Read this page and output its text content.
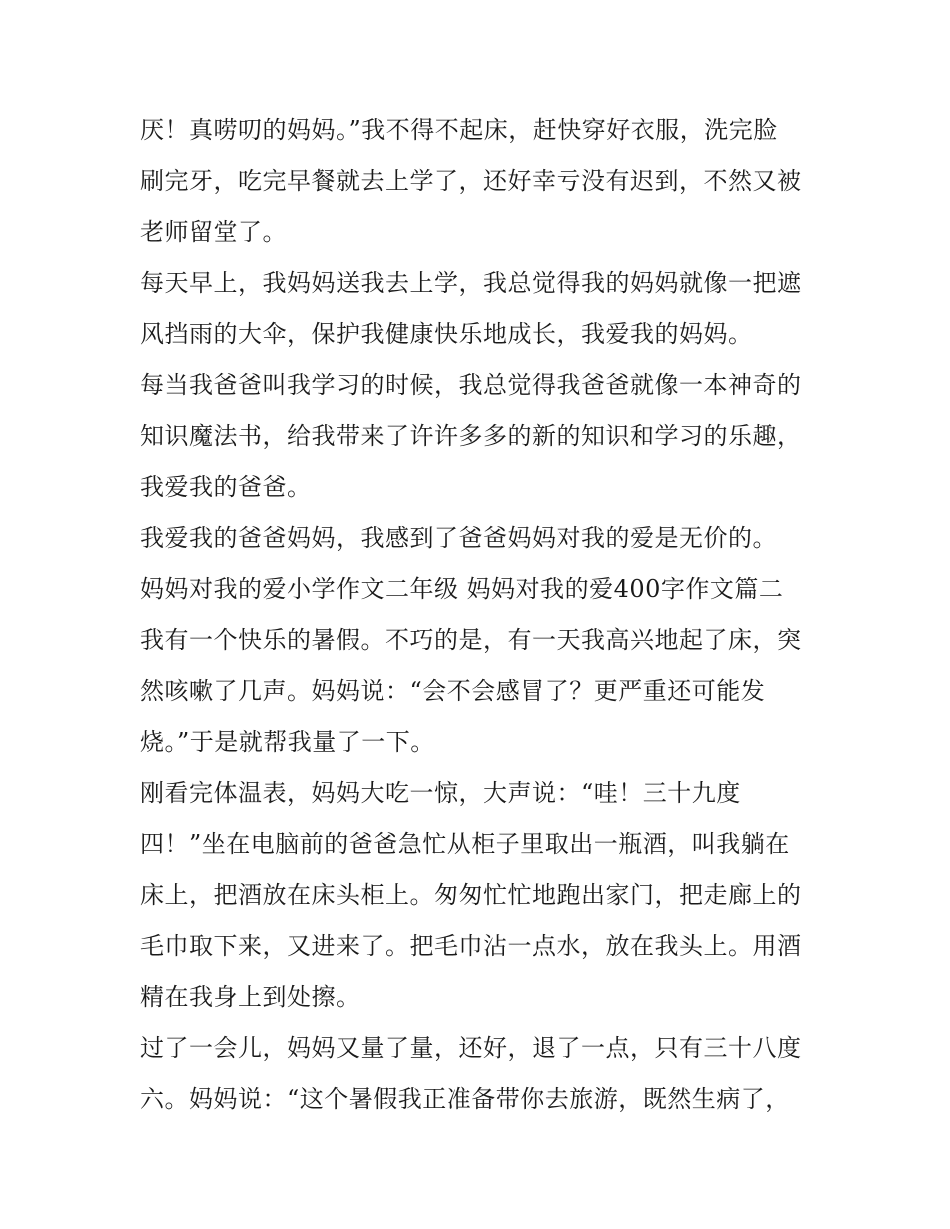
厌！真唠叨的妈妈。”我不得不起床，赶快穿好衣服，洗完脸

刷完牙，吃完早餐就去上学了，还好幸亏没有迟到，不然又被

老师留堂了。

每天早上，我妈妈送我去上学，我总觉得我的妈妈就像一把遮

风挡雨的大伞，保护我健康快乐地成长，我爱我的妈妈。

每当我爸爸叫我学习的时候，我总觉得我爸爸就像一本神奇的

知识魔法书，给我带来了许许多多的新的知识和学习的乐趣，

我爱我的爸爸。

我爱我的爸爸妈妈，我感到了爸爸妈妈对我的爱是无价的。

妈妈对我的爱小学作文二年级 妈妈对我的爱400字作文篇二

我有一个快乐的暑假。不巧的是，有一天我高兴地起了床，突

然咳嗽了几声。妈妈说：“会不会感冒了？更严重还可能发

烧。”于是就帮我量了一下。

刚看完体温表，妈妈大吃一惊，大声说：“哇！三十九度

四！”坐在电脑前的爸爸急忙从柜子里取出一瓶酒，叫我躺在

床上，把酒放在床头柜上。匆匆忙忙地跑出家门，把走廊上的

毛巾取下来，又进来了。把毛巾沾一点水，放在我头上。用酒

精在我身上到处擦。

过了一会儿，妈妈又量了量，还好，退了一点，只有三十八度

六。妈妈说：“这个暑假我正准备带你去旅游，既然生病了，
